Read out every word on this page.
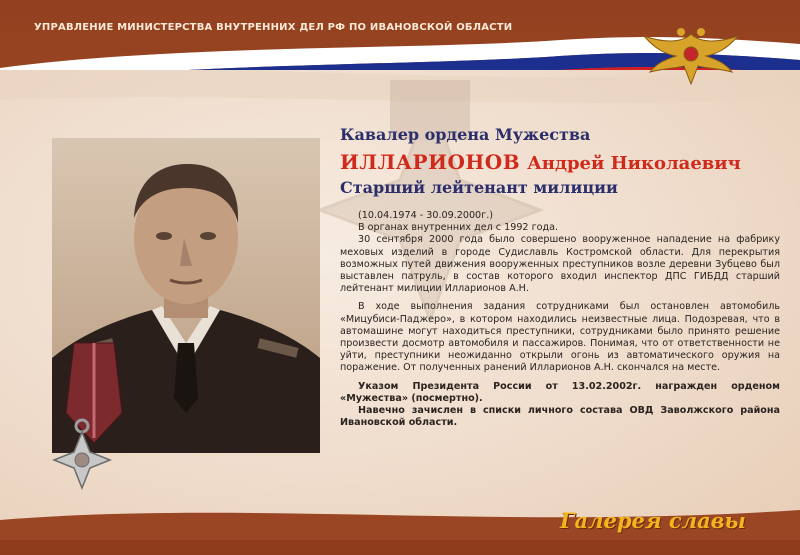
УПРАВЛЕНИЕ МИНИСТЕРСТВА ВНУТРЕННИХ ДЕЛ РФ ПО ИВАНОВСКОЙ ОБЛАСТИ
Кавалер ордена Мужества
ИЛЛАРИОНОВ Андрей Николаевич
Старший лейтенант милиции

(10.04.1974 - 30.09.2000г.)

В органах внутренних дел с 1992 года.

30 сентября 2000 года было совершено вооруженное нападение на фабрику меховых изделий в городе Судиславль Костромской области. Для перекрытия возможных путей движения вооруженных преступников возле деревни Зубцево был выставлен патруль, в состав которого входил инспектор ДПС ГИБДД старший лейтенант милиции Илларионов А.Н.

В ходе выполнения задания сотрудниками был остановлен автомобиль «Мицубиси-Паджеро», в котором находились неизвестные лица. Подозревая, что в автомашине могут находиться преступники, сотрудниками было принято решение произвести досмотр автомобиля и пассажиров. Понимая, что от ответственности не уйти, преступники неожиданно открыли огонь из автоматического оружия на поражение. От полученных ранений Илларионов А.Н. скончался на месте.

Указом Президента России от 13.02.2002г. награжден орденом «Мужества» (посмертно).

Навечно зачислен в списки личного состава ОВД Заволжского района Ивановской области.

Галерея славы
